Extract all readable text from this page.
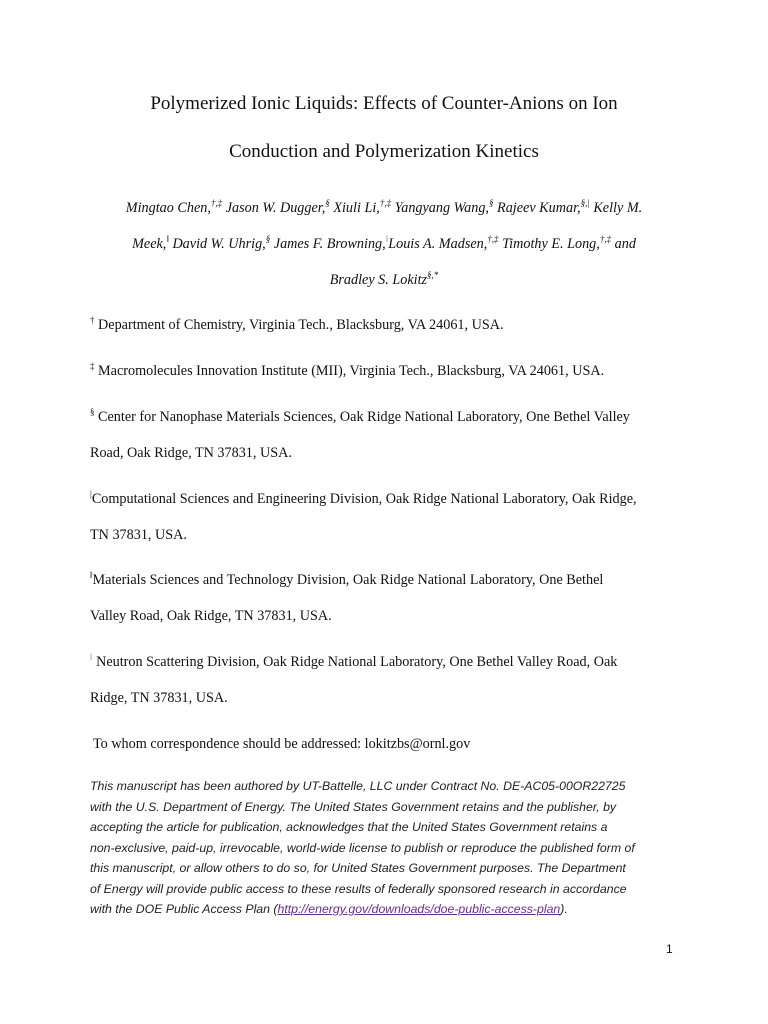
Polymerized Ionic Liquids: Effects of Counter-Anions on Ion
Conduction and Polymerization Kinetics
Mingtao Chen,†,‡ Jason W. Dugger,§ Xiuli Li,†,‡ Yangyang Wang,§ Rajeev Kumar,§,| Kelly M.
Meek,‖ David W. Uhrig,§ James F. Browning,‖Louis A. Madsen,†,‡ Timothy E. Long,†,‡ and
Bradley S. Lokitz§,*
† Department of Chemistry, Virginia Tech., Blacksburg, VA 24061, USA.
‡ Macromolecules Innovation Institute (MII), Virginia Tech., Blacksburg, VA 24061, USA.
§ Center for Nanophase Materials Sciences, Oak Ridge National Laboratory, One Bethel Valley
Road, Oak Ridge, TN 37831, USA.
|Computational Sciences and Engineering Division, Oak Ridge National Laboratory, Oak Ridge,
TN 37831, USA.
‖Materials Sciences and Technology Division, Oak Ridge National Laboratory, One Bethel
Valley Road, Oak Ridge, TN 37831, USA.
‖ Neutron Scattering Division, Oak Ridge National Laboratory, One Bethel Valley Road, Oak
Ridge, TN 37831, USA.
To whom correspondence should be addressed: lokitzbs@ornl.gov
This manuscript has been authored by UT-Battelle, LLC under Contract No. DE-AC05-00OR22725
with the U.S. Department of Energy. The United States Government retains and the publisher, by
accepting the article for publication, acknowledges that the United States Government retains a
non-exclusive, paid-up, irrevocable, world-wide license to publish or reproduce the published form of
this manuscript, or allow others to do so, for United States Government purposes. The Department
of Energy will provide public access to these results of federally sponsored research in accordance
with the DOE Public Access Plan (http://energy.gov/downloads/doe-public-access-plan).
1
